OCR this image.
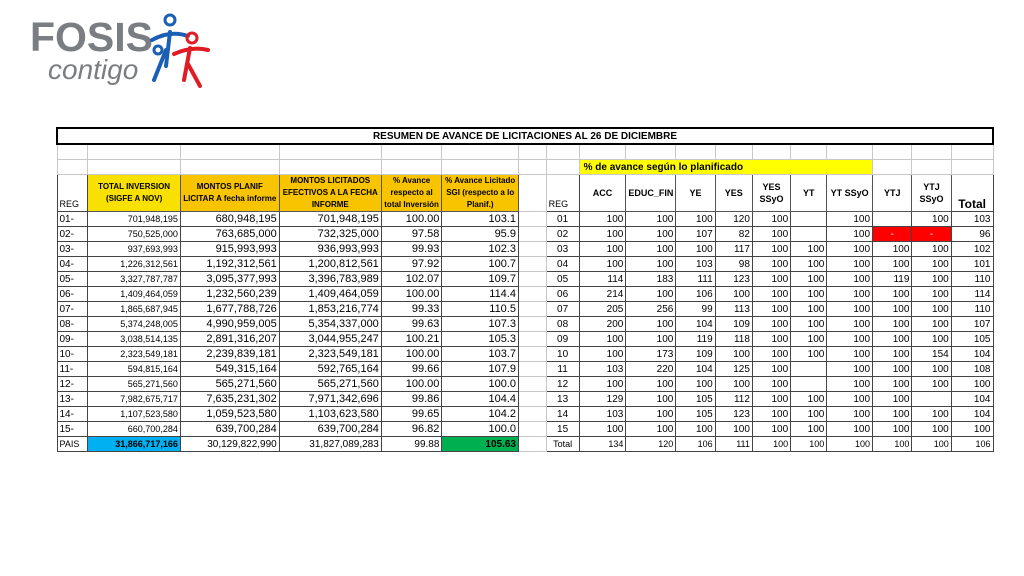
FOSIS
contigo
RESUMEN DE AVANCE DE LICITACIONES AL 26 DE DICIEMBRE																	

								% de avance según lo planificado									
REG	TOTAL INVERSION (SIGFE A NOV)	MONTOS PLANIF LICITAR A fecha informe	MONTOS LICITADOS EFECTIVOS A LA FECHA INFORME	% Avance respecto al total Inversión	% Avance Licitado SGI (respecto a lo Planif.)		REG	ACC	EDUC_FIN	YE	YES	YES SSyO	YT	YT SSyO	YTJ	YTJ SSyO	Total
01-	701,948,195	680,948,195	701,948,195	100.00	103.1		01	100	100	100	120	100		100		100	103
02-	750,525,000	763,685,000	732,325,000	97.58	95.9		02	100	100	107	82	100		100	-	-	96
03-	937,693,993	915,993,993	936,993,993	99.93	102.3		03	100	100	100	117	100	100	100	100	100	102
04-	1,226,312,561	1,192,312,561	1,200,812,561	97.92	100.7		04	100	100	103	98	100	100	100	100	100	101
05-	3,327,787,787	3,095,377,993	3,396,783,989	102.07	109.7		05	114	183	111	123	100	100	100	119	100	110
06-	1,409,464,059	1,232,560,239	1,409,464,059	100.00	114.4		06	214	100	106	100	100	100	100	100	100	114
07-	1,865,687,945	1,677,788,726	1,853,216,774	99.33	110.5		07	205	256	99	113	100	100	100	100	100	110
08-	5,374,248,005	4,990,959,005	5,354,337,000	99.63	107.3		08	200	100	104	109	100	100	100	100	100	107
09-	3,038,514,135	2,891,316,207	3,044,955,247	100.21	105.3		09	100	100	119	118	100	100	100	100	100	105
10-	2,323,549,181	2,239,839,181	2,323,549,181	100.00	103.7		10	100	173	109	100	100	100	100	100	154	104
11-	594,815,164	549,315,164	592,765,164	99.66	107.9		11	103	220	104	125	100		100	100	100	108
12-	565,271,560	565,271,560	565,271,560	100.00	100.0		12	100	100	100	100	100		100	100	100	100
13-	7,982,675,717	7,635,231,302	7,971,342,696	99.86	104.4		13	129	100	105	112	100	100	100	100		104
14-	1,107,523,580	1,059,523,580	1,103,623,580	99.65	104.2		14	103	100	105	123	100	100	100	100	100	104
15-	660,700,284	639,700,284	639,700,284	96.82	100.0		15	100	100	100	100	100	100	100	100	100	100
PAIS	31,866,717,166	30,129,822,990	31,827,089,283	99.88	105.63		Total	134	120	106	111	100	100	100	100	100	106
